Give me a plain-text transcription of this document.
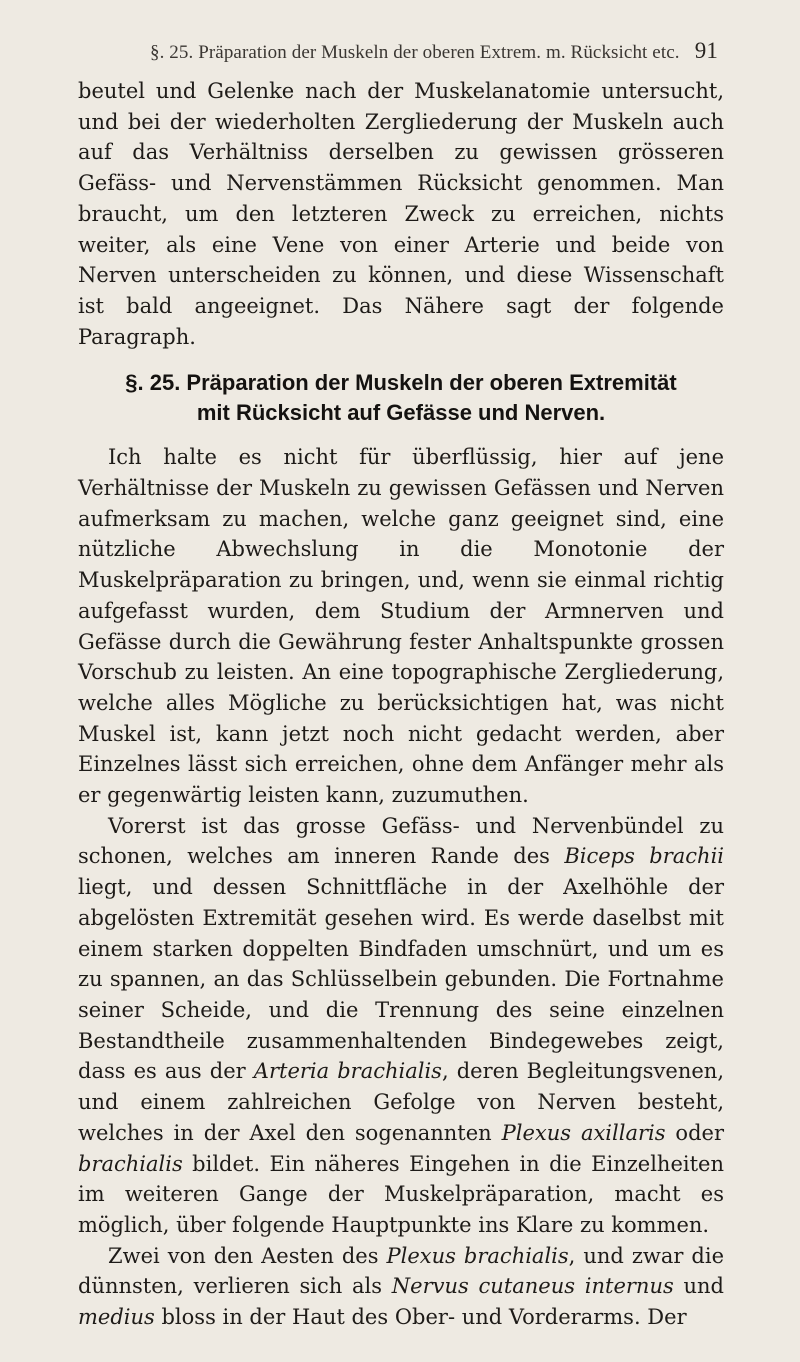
§. 25. Präparation der Muskeln der oberen Extrem. m. Rücksicht etc. 91

beutel und Gelenke nach der Muskelanatomie untersucht, und bei der wiederholten Zergliederung der Muskeln auch auf das Verhältniss derselben zu gewissen grösseren Gefäss- und Nervenstämmen Rücksicht genommen. Man braucht, um den letzteren Zweck zu erreichen, nichts weiter, als eine Vene von einer Arterie und beide von Nerven unterscheiden zu können, und diese Wissenschaft ist bald angeeignet. Das Nähere sagt der folgende Paragraph.

§. 25. Präparation der Muskeln der oberen Extremität
mit Rücksicht auf Gefässe und Nerven.

Ich halte es nicht für überflüssig, hier auf jene Verhältnisse der Muskeln zu gewissen Gefässen und Nerven aufmerksam zu machen, welche ganz geeignet sind, eine nützliche Abwechslung in die Monotonie der Muskelpräparation zu bringen, und, wenn sie einmal richtig aufgefasst wurden, dem Studium der Armnerven und Gefässe durch die Gewährung fester Anhaltspunkte grossen Vorschub zu leisten. An eine topographische Zergliederung, welche alles Mögliche zu berücksichtigen hat, was nicht Muskel ist, kann jetzt noch nicht gedacht werden, aber Einzelnes lässt sich erreichen, ohne dem Anfänger mehr als er gegenwärtig leisten kann, zuzumuthen.

Vorerst ist das grosse Gefäss- und Nervenbündel zu schonen, welches am inneren Rande des Biceps brachii liegt, und dessen Schnittfläche in der Axelhöhle der abgelösten Extremität gesehen wird. Es werde daselbst mit einem starken doppelten Bindfaden umschnürt, und um es zu spannen, an das Schlüsselbein gebunden. Die Fortnahme seiner Scheide, und die Trennung des seine einzelnen Bestandtheile zusammenhaltenden Bindegewebes zeigt, dass es aus der Arteria brachialis, deren Begleitungsvenen, und einem zahlreichen Gefolge von Nerven besteht, welches in der Axel den sogenannten Plexus axillaris oder brachialis bildet. Ein näheres Eingehen in die Einzelheiten im weiteren Gange der Muskelpräparation, macht es möglich, über folgende Hauptpunkte ins Klare zu kommen.

Zwei von den Aesten des Plexus brachialis, und zwar die dünnsten, verlieren sich als Nervus cutaneus internus und medius bloss in der Haut des Ober- und Vorderarms. Der
